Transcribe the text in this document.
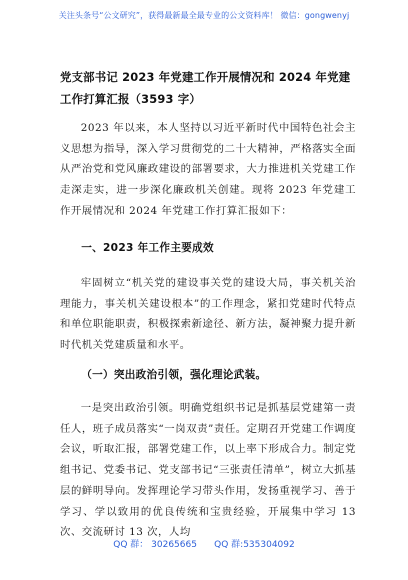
关注头条号“公文研究”，获得最新最全最专业的公文资料库！ 微信：gongwenyj
党支部书记 2023 年党建工作开展情况和 2024 年党建工作打算汇报（3593 字）

2023 年以来，本人坚持以习近平新时代中国特色社会主义思想为指导，深入学习贯彻党的二十大精神，严格落实全面从严治党和党风廉政建设的部署要求，大力推进机关党建工作走深走实，进一步深化廉政机关创建。现将 2023 年党建工作开展情况和 2024 年党建工作打算汇报如下：

一、2023 年工作主要成效

牢固树立“机关党的建设事关党的建设大局，事关机关治理能力，事关机关建设根本”的工作理念，紧扣党建时代特点和单位职能职责，积极探索新途径、新方法，凝神聚力提升新时代机关党建质量和水平。

（一）突出政治引领，强化理论武装。

一是突出政治引领。明确党组织书记是抓基层党建第一责任人，班子成员落实“一岗双责”责任。定期召开党建工作调度会议，听取汇报，部署党建工作，以上率下形成合力。制定党组书记、党委书记、党支部书记“三张责任清单”，树立大抓基层的鲜明导向。发挥理论学习带头作用，发扬重视学习、善于学习、学以致用的优良传统和宝贵经验，开展集中学习 13 次、交流研讨 13 次，人均

QQ 群： 30265665      QQ 群:535304092
